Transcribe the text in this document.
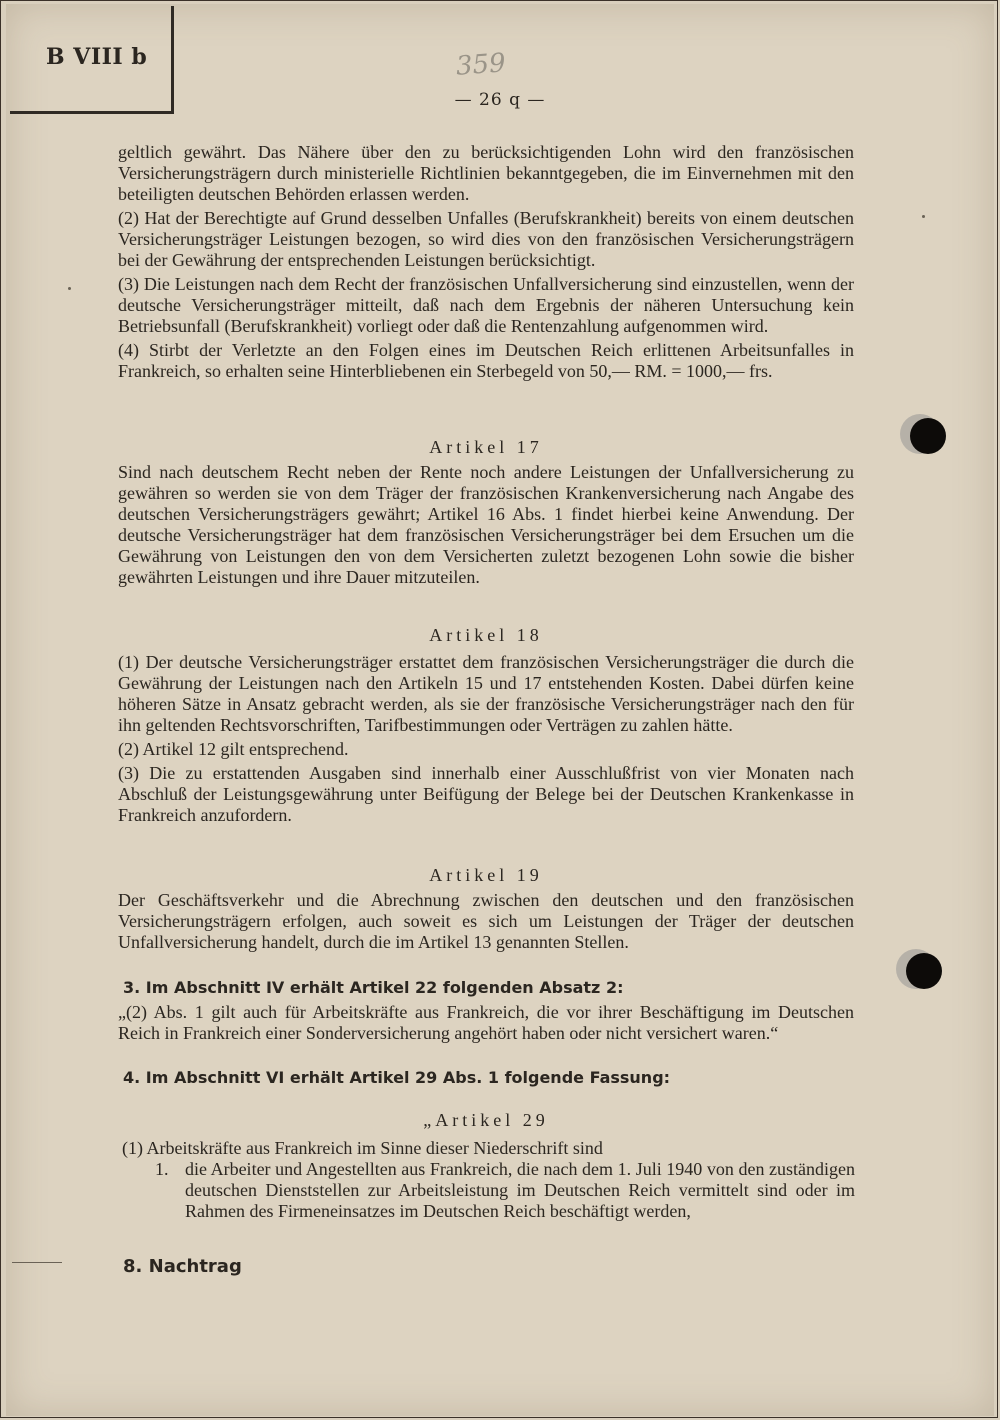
B VIII b	359
— 26 q —

geltlich gewährt. Das Nähere über den zu berücksichtigenden Lohn wird den französischen Versicherungsträgern durch ministerielle Richtlinien bekanntgegeben, die im Einvernehmen mit den beteiligten deutschen Behörden erlassen werden.

(2) Hat der Berechtigte auf Grund desselben Unfalles (Berufskrankheit) bereits von einem deutschen Versicherungsträger Leistungen bezogen, so wird dies von den französischen Versicherungsträgern bei der Gewährung der entsprechenden Leistungen berücksichtigt.

(3) Die Leistungen nach dem Recht der französischen Unfallversicherung sind einzustellen, wenn der deutsche Versicherungsträger mitteilt, daß nach dem Ergebnis der näheren Untersuchung kein Betriebsunfall (Berufskrankheit) vorliegt oder daß die Rentenzahlung aufgenommen wird.

(4) Stirbt der Verletzte an den Folgen eines im Deutschen Reich erlittenen Arbeitsunfalles in Frankreich, so erhalten seine Hinterbliebenen ein Sterbegeld von 50,— RM. = 1000,— frs.

Artikel 17

Sind nach deutschem Recht neben der Rente noch andere Leistungen der Unfallversicherung zu gewähren so werden sie von dem Träger der französischen Krankenversicherung nach Angabe des deutschen Versicherungsträgers gewährt; Artikel 16 Abs. 1 findet hierbei keine Anwendung. Der deutsche Versicherungsträger hat dem französischen Versicherungsträger bei dem Ersuchen um die Gewährung von Leistungen den von dem Versicherten zuletzt bezogenen Lohn sowie die bisher gewährten Leistungen und ihre Dauer mitzuteilen.

Artikel 18

(1) Der deutsche Versicherungsträger erstattet dem französischen Versicherungsträger die durch die Gewährung der Leistungen nach den Artikeln 15 und 17 entstehenden Kosten. Dabei dürfen keine höheren Sätze in Ansatz gebracht werden, als sie der französische Versicherungsträger nach den für ihn geltenden Rechtsvorschriften, Tarifbestimmungen oder Verträgen zu zahlen hätte.

(2) Artikel 12 gilt entsprechend.

(3) Die zu erstattenden Ausgaben sind innerhalb einer Ausschlußfrist von vier Monaten nach Abschluß der Leistungsgewährung unter Beifügung der Belege bei der Deutschen Krankenkasse in Frankreich anzufordern.

Artikel 19

Der Geschäftsverkehr und die Abrechnung zwischen den deutschen und den französischen Versicherungsträgern erfolgen, auch soweit es sich um Leistungen der Träger der deutschen Unfallversicherung handelt, durch die im Artikel 13 genannten Stellen.

3. Im Abschnitt IV erhält Artikel 22 folgenden Absatz 2:

„(2) Abs. 1 gilt auch für Arbeitskräfte aus Frankreich, die vor ihrer Beschäftigung im Deutschen Reich in Frankreich einer Sonderversicherung angehört haben oder nicht versichert waren.“

4. Im Abschnitt VI erhält Artikel 29 Abs. 1 folgende Fassung:
„Artikel 29

(1) Arbeitskräfte aus Frankreich im Sinne dieser Niederschrift sind

1. die Arbeiter und Angestellten aus Frankreich, die nach dem 1. Juli 1940 von den zuständigen deutschen Dienststellen zur Arbeitsleistung im Deutschen Reich vermittelt sind oder im Rahmen des Firmeneinsatzes im Deutschen Reich beschäftigt werden,
8. Nachtrag
